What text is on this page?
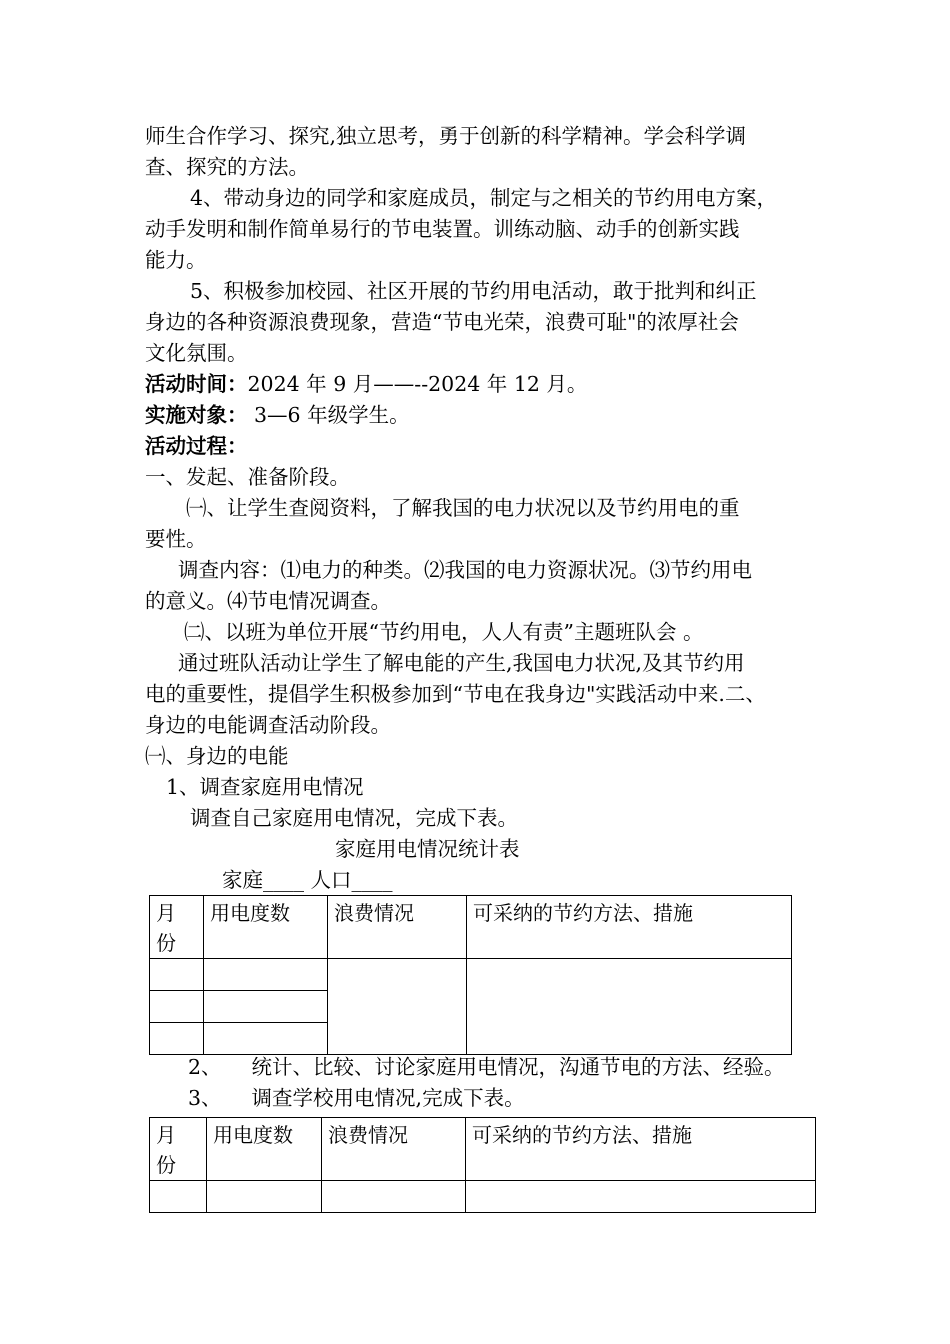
师生合作学习、探究,独立思考，勇于创新的科学精神。学会科学调
查、探究的方法。
4、带动身边的同学和家庭成员，制定与之相关的节约用电方案，
动手发明和制作简单易行的节电装置。训练动脑、动手的创新实践
能力。
5、积极参加校园、社区开展的节约用电活动，敢于批判和纠正
身边的各种资源浪费现象，营造“节电光荣，浪费可耻"的浓厚社会
文化氛围。
活动时间：2024 年 9 月——--2024 年 12 月。
实施对象： 3—6 年级学生。
活动过程：
一、发起、准备阶段。
㈠、让学生查阅资料，了解我国的电力状况以及节约用电的重
要性。
调查内容：⑴电力的种类。⑵我国的电力资源状况。⑶节约用电
的意义。⑷节电情况调查。
㈡、以班为单位开展“节约用电，人人有责”主题班队会 。
通过班队活动让学生了解电能的产生,我国电力状况,及其节约用
电的重要性，提倡学生积极参加到“节电在我身边"实践活动中来.二、
身边的电能调查活动阶段。
㈠、身边的电能
1、调查家庭用电情况
调查自己家庭用电情况，完成下表。
家庭用电情况统计表
家庭____ 人口____
月
份	用电度数	浪费情况	可采纳的节约方法、措施

2、 统计、比较、讨论家庭用电情况，沟通节电的方法、经验。
3、 调查学校用电情况,完成下表。
月
份	用电度数	浪费情况	可采纳的节约方法、措施
